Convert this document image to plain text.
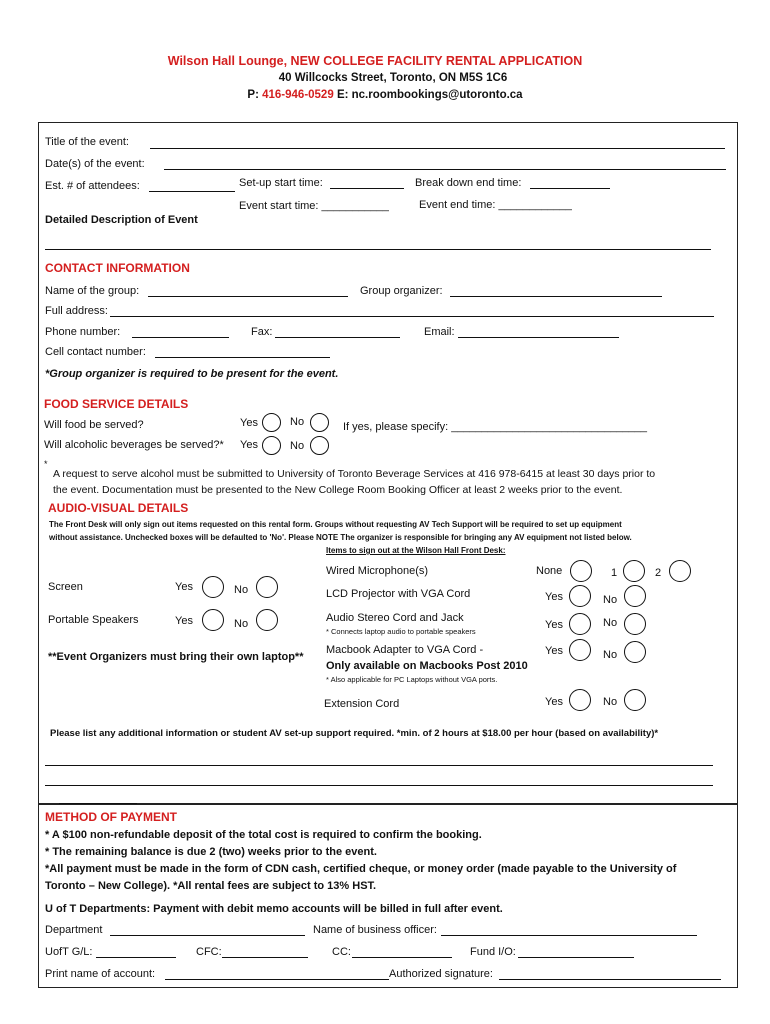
Wilson Hall Lounge, NEW COLLEGE FACILITY RENTAL APPLICATION
40 Willcocks Street, Toronto, ON M5S 1C6
P: 416-946-0529 E: nc.roombookings@utoronto.ca
Title of the event:
Date(s) of the event:
Est. # of attendees:	Set-up start time:	Break down end time:
Event start time: ___________	Event end time: ____________
Detailed Description of Event
CONTACT INFORMATION
Name of the group:	Group organizer:
Full address:
Phone number:	Fax:	Email:
Cell contact number:
*Group organizer is required to be present for the event.
FOOD SERVICE DETAILS
Will food be served?	Yes	No	If yes, please specify: ________________________________
Will alcoholic beverages be served?* Yes	No
*
A request to serve alcohol must be submitted to University of Toronto Beverage Services at 416 978-6415 at least 30 days prior to
the event. Documentation must be presented to the New College Room Booking Officer at least 2 weeks prior to the event.
AUDIO-VISUAL DETAILS
The Front Desk will only sign out items requested on this rental form. Groups without requesting AV Tech Support will be required to set up equipment
without assistance. Unchecked boxes will be defaulted to 'No'. Please NOTE The organizer is responsible for bringing any AV equipment not listed below.
Items to sign out at the Wilson Hall Front Desk:
Screen	Yes	No
Portable Speakers	Yes	No
**Event Organizers must bring their own laptop**
Wired Microphone(s)	None	1	2
LCD Projector with VGA Cord	Yes	No
Audio Stereo Cord and Jack
* Connects laptop audio to portable speakers
Yes	No
Macbook Adapter to VGA Cord -
Only available on Macbooks Post 2010
* Also applicable for PC Laptops without VGA ports.
Yes	No
Extension Cord	Yes	No
Please list any additional information or student AV set-up support required. *min. of 2 hours at $18.00 per hour (based on availability)*
METHOD OF PAYMENT
* A $100 non-refundable deposit of the total cost is required to confirm the booking.
* The remaining balance is due 2 (two) weeks prior to the event.
*All payment must be made in the form of CDN cash, certified cheque, or money order (made payable to the University of
Toronto – New College). *All rental fees are subject to 13% HST.
U of T Departments: Payment with debit memo accounts will be billed in full after event.
Department	Name of business officer:
UofT G/L:	CFC:	CC:	Fund I/O:
Print name of account:	Authorized signature:
